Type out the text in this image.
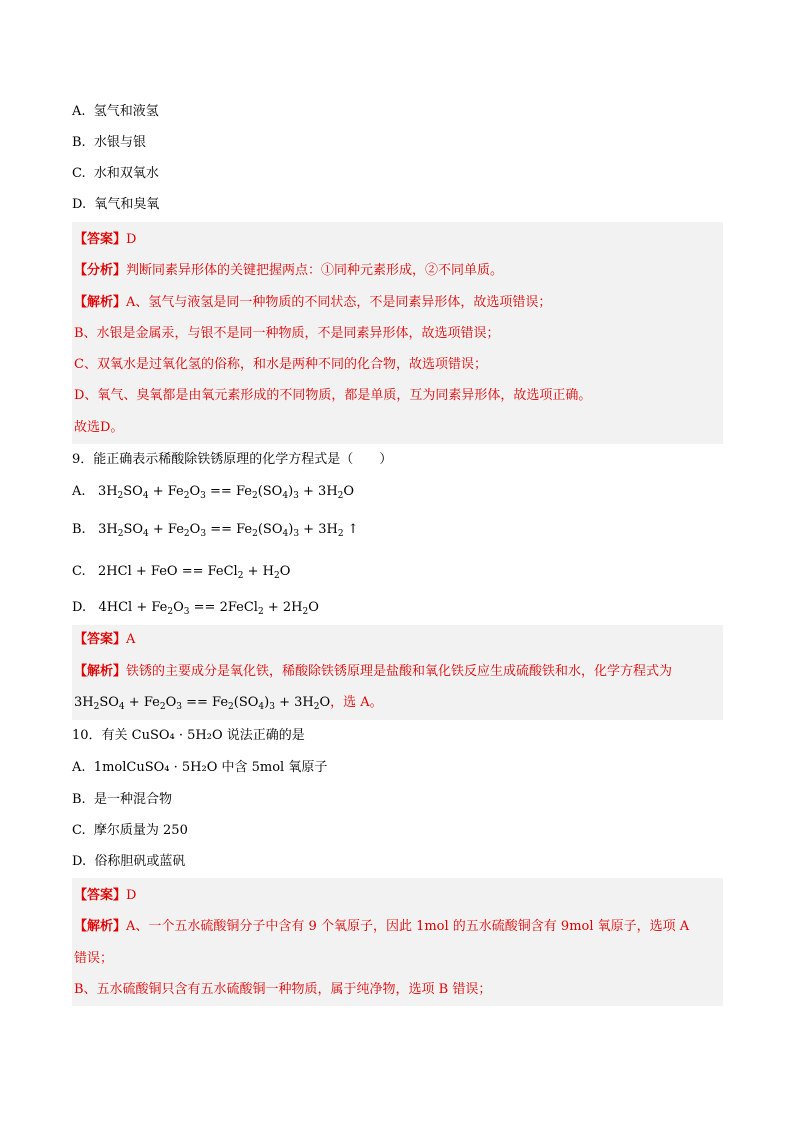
A. 氢气和液氢
B. 水银与银
C. 水和双氧水
D. 氧气和臭氧
【答案】D
【分析】判断同素异形体的关键把握两点：①同种元素形成，②不同单质。
【解析】A、氢气与液氢是同一种物质的不同状态，不是同素异形体，故选项错误；
B、水银是金属汞，与银不是同一种物质，不是同素异形体，故选项错误；
C、双氧水是过氧化氢的俗称，和水是两种不同的化合物，故选项错误；
D、氧气、臭氧都是由氧元素形成的不同物质，都是单质，互为同素异形体，故选项正确。
故选D。
9．能正确表示稀酸除铁锈原理的化学方程式是（　　）
A. $3H_2SO_4 + Fe_2O_3 == Fe_2(SO_4)_3 + 3H_2O$
B. $3H_2SO_4 + Fe_2O_3 == Fe_2(SO_4)_3 + 3H_2$ ↑
C. 2HCl + FeO == FeCl$_2$ + $H_2O$
D. $4HCl + Fe_2O_3$ == 2FeCl$_2$ + $2H_2O$
【答案】A
【解析】铁锈的主要成分是氧化铁，稀酸除铁锈原理是盐酸和氧化铁反应生成硫酸铁和水，化学方程式为
$3H_2SO_4 + Fe_2O_3 == Fe_2(SO_4)_3 + 3H_2O$，选 A。
10．有关 CuSO₄ · 5H₂O 说法正确的是
A. 1molCuSO₄ · 5H₂O 中含 5mol 氧原子
B. 是一种混合物
C. 摩尔质量为 250
D. 俗称胆矾或蓝矾
【答案】D
【解析】A、一个五水硫酸铜分子中含有 9 个氧原子，因此 1mol 的五水硫酸铜含有 9mol 氧原子，选项 A
错误；
B、五水硫酸铜只含有五水硫酸铜一种物质，属于纯净物，选项 B 错误；
